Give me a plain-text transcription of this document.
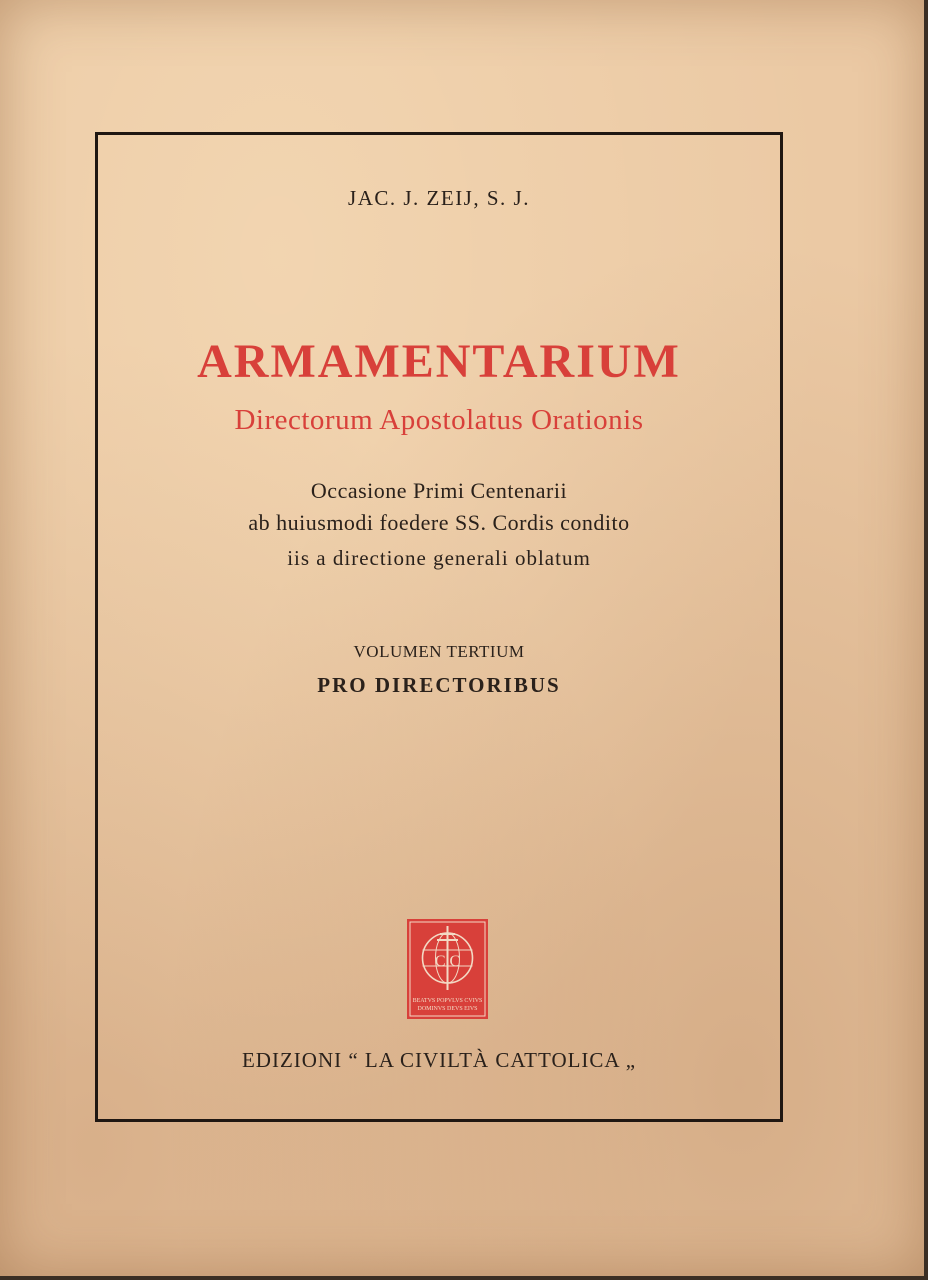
JAC. J. ZEIJ, S. J.
ARMAMENTARIUM
Directorum Apostolatus Orationis
Occasione Primi Centenarii
ab huiusmodi foedere SS. Cordis condito
iis a directione generali oblatum
VOLUMEN TERTIUM
PRO DIRECTORIBUS
C C
BEATVS POPVLVS CVIVS
DOMINVS DEVS EIVS
EDIZIONI “ LA CIVILTÀ CATTOLICA „
